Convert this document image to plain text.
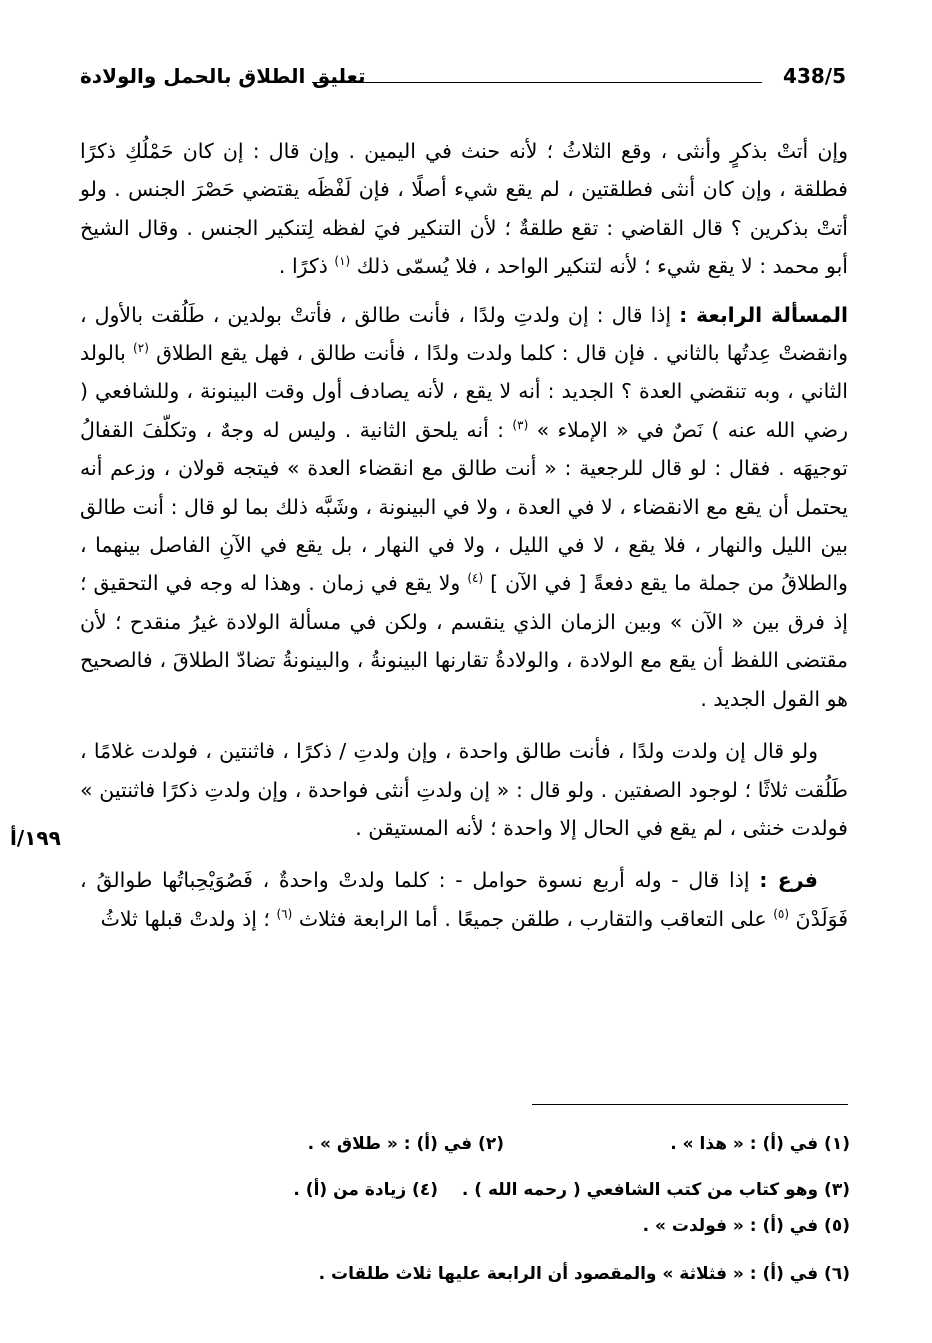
438/5
تعليق الطلاق بالحمل والولادة
١٩٩/أ

وإن أتتْ بذكرٍ وأنثى ، وقع الثلاثُ ؛ لأنه حنث في اليمين . وإن قال : إن كان حَمْلُكِ ذكرًا فطلقة ، وإن كان أنثى فطلقتين ، لم يقع شيء أصلًا ، فإن لَفْظَه يقتضي حَصْرَ الجنس . ولو أتتْ بذكرين ؟ قال القاضي : تقع طلقةٌ ؛ لأن التنكير فيَ لفظه لِتنكير الجنس . وقال الشيخ أبو محمد : لا يقع شيء ؛ لأنه لتنكير الواحد ، فلا يُسمّى ذلك $^{(١)}$ ذكرًا .

المسألة الرابعة : إذا قال : إن ولدتِ ولدًا ، فأنت طالق ، فأتتْ بولدين ، طَلُقت بالأول ، وانقضتْ عِدتُها بالثاني . فإن قال : كلما ولدت ولدًا ، فأنت طالق ، فهل يقع الطلاق $^{(٢)}$ بالولد الثاني ، وبه تنقضي العدة ؟ الجديد : أنه لا يقع ، لأنه يصادف أول وقت البينونة ، وللشافعي ( رضي الله عنه ) نَصٌ في « الإملاء » $^{(٣)}$ : أنه يلحق الثانية . وليس له وجهٌ ، وتكلّفَ القفالُ توجيهَه . فقال : لو قال للرجعية : « أنت طالق مع انقضاء العدة » فيتجه قولان ، وزعم أنه يحتمل أن يقع مع الانقضاء ، لا في العدة ، ولا في البينونة ، وشَبَّه ذلك بما لو قال : أنت طالق بين الليل والنهار ، فلا يقع ، لا في الليل ، ولا في النهار ، بل يقع في الآنِ الفاصل بينهما ، والطلاقُ من جملة ما يقع دفعةً [ في الآن ] $^{(٤)}$ ولا يقع في زمان . وهذا له وجه في التحقيق ؛ إذ فرق بين « الآن » وبين الزمان الذي ينقسم ، ولكن في مسألة الولادة غيرُ منقدح ؛ لأن مقتضى اللفظ أن يقع مع الولادة ، والولادةُ تقارنها البينونةُ ، والبينونةُ تضادّ الطلاقَ ، فالصحيح هو القول الجديد .

ولو قال إن ولدت ولدًا ، فأنت طالق واحدة ، وإن ولدتِ / ذكرًا ، فاثنتين ، فولدت غلامًا ، طَلُقت ثلاثًا ؛ لوجود الصفتين . ولو قال : « إن ولدتِ أنثى فواحدة ، وإن ولدتِ ذكرًا فاثنتين » فولدت خنثى ، لم يقع في الحال إلا واحدة ؛ لأنه المستيقن .

فرع : إذا قال - وله أربع نسوة حوامل - : كلما ولدتْ واحدةٌ ، فَصُوَيْحِباتُها طوالقُ ، فَوَلَدْنَ $^{(٥)}$ على التعاقب والتقارب ، طلقن جميعًا . أما الرابعة فثلاث $^{(٦)}$ ؛ إذ ولدتْ قبلها ثلاثُ

(١) في (أ) : « هذا » .
(٢) في (أ) : « طلاق » .
(٣) وهو كتاب من كتب الشافعي ( رحمه الله ) .
(٤) زيادة من (أ) .
(٥) في (أ) : « فولدت » .
(٦) في (أ) : « فثلاثة » والمقصود أن الرابعة عليها ثلاث طلقات .
